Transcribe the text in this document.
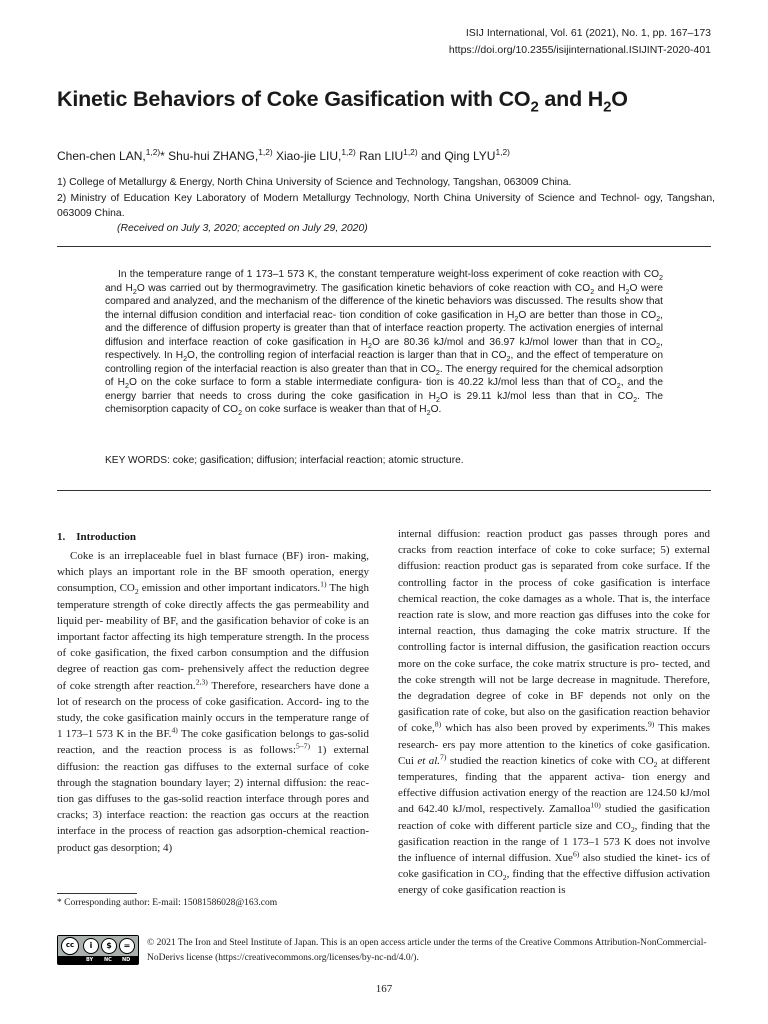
ISIJ International, Vol. 61 (2021), No. 1, pp. 167–173
https://doi.org/10.2355/isijinternational.ISIJINT-2020-401
Kinetic Behaviors of Coke Gasification with $CO_2$ and $H_2O$
Chen-chen LAN,$^{1,2)}$* Shu-hui ZHANG,$^{1,2)}$ Xiao-jie LIU,$^{1,2)}$ Ran LIU$^{1,2)}$ and Qing LYU$^{1,2)}$
1) College of Metallurgy & Energy, North China University of Science and Technology, Tangshan, 063009 China.
2) Ministry of Education Key Laboratory of Modern Metallurgy Technology, North China University of Science and Technol- ogy, Tangshan, 063009 China.
(Received on July 3, 2020; accepted on July 29, 2020)
In the temperature range of 1 173–1 573 K, the constant temperature weight-loss experiment of coke reaction with $CO_2$ and $H_2O$ was carried out by thermogravimetry. The gasification kinetic behaviors of coke reaction with $CO_2$ and $H_2O$ were compared and analyzed, and the mechanism of the difference of the kinetic behaviors was discussed. The results show that the internal diffusion condition and interfacial reac- tion condition of coke gasification in $H_2O$ are better than those in $CO_2$, and the difference of diffusion property is greater than that of interface reaction property. The activation energies of internal diffusion and interface reaction of coke gasification in $H_2O$ are 80.36 kJ/mol and 36.97 kJ/mol lower than that in $CO_2$, respectively. In $H_2O$, the controlling region of interfacial reaction is larger than that in $CO_2$, and the effect of temperature on controlling region of the interfacial reaction is also greater than that in $CO_2$. The energy required for the chemical adsorption of $H_2O$ on the coke surface to form a stable intermediate configura- tion is 40.22 kJ/mol less than that of $CO_2$, and the energy barrier that needs to cross during the coke gasification in $H_2O$ is 29.11 kJ/mol less than that in $CO_2$. The chemisorption capacity of $CO_2$ on coke surface is weaker than that of $H_2O$.
KEY WORDS: coke; gasification; diffusion; interfacial reaction; atomic structure.
1. Introduction
Coke is an irreplaceable fuel in blast furnace (BF) iron- making, which plays an important role in the BF smooth operation, energy consumption, $CO_2$ emission and other important indicators.$^{1)}$ The high temperature strength of coke directly affects the gas permeability and liquid per- meability of BF, and the gasification behavior of coke is an important factor affecting its high temperature strength. In the process of coke gasification, the fixed carbon consumption and the diffusion degree of reaction gas com- prehensively affect the reduction degree of coke strength after reaction.$^{2,3)}$ Therefore, researchers have done a lot of research on the process of coke gasification. Accord- ing to the study, the coke gasification mainly occurs in the temperature range of 1 173–1 573 K in the BF.$^{4)}$ The coke gasification belongs to gas-solid reaction, and the reaction process is as follows:$^{5-7)}$ 1) external diffusion: the reaction gas diffuses to the external surface of coke through the stagnation boundary layer; 2) internal diffusion: the reac- tion gas diffuses to the gas-solid reaction interface through pores and cracks; 3) interface reaction: the reaction gas occurs at the reaction interface in the process of reaction gas adsorption-chemical reaction-product gas desorption; 4)
internal diffusion: reaction product gas passes through pores and cracks from reaction interface of coke to coke surface; 5) external diffusion: reaction product gas is separated from coke surface. If the controlling factor in the process of coke gasification is interface chemical reaction, the coke damages as a whole. That is, the interface reaction rate is slow, and more reaction gas diffuses into the coke for internal reaction, thus damaging the coke matrix structure. If the controlling factor is internal diffusion, the gasification reaction occurs more on the coke surface, the coke matrix structure is pro- tected, and the coke strength will not be large decrease in magnitude. Therefore, the degradation degree of coke in BF depends not only on the gasification rate of coke, but also on the gasification reaction behavior of coke,$^{8)}$ which has also been proved by experiments.$^{9)}$ This makes research- ers pay more attention to the kinetics of coke gasification. Cui et al.$^{7)}$ studied the reaction kinetics of coke with $CO_2$ at different temperatures, finding that the apparent activa- tion energy and effective diffusion activation energy of the reaction are 124.50 kJ/mol and 642.40 kJ/mol, respectively. Zamalloa$^{10)}$ studied the gasification reaction of coke with different particle size and $CO_2$, finding that the gasification reaction in the range of 1 173–1 573 K does not involve the influence of internal diffusion. Xue$^{6)}$ also studied the kinet- ics of coke gasification in $CO_2$, finding that the effective diffusion activation energy of coke gasification reaction is
* Corresponding author: E-mail: 15081586028@163.com
cc	i	$	=
BY NC ND
© 2021 The Iron and Steel Institute of Japan. This is an open access article under the terms of the Creative Commons Attribution-NonCommercial-NoDerivs license (https://creativecommons.org/licenses/by-nc-nd/4.0/).
167
